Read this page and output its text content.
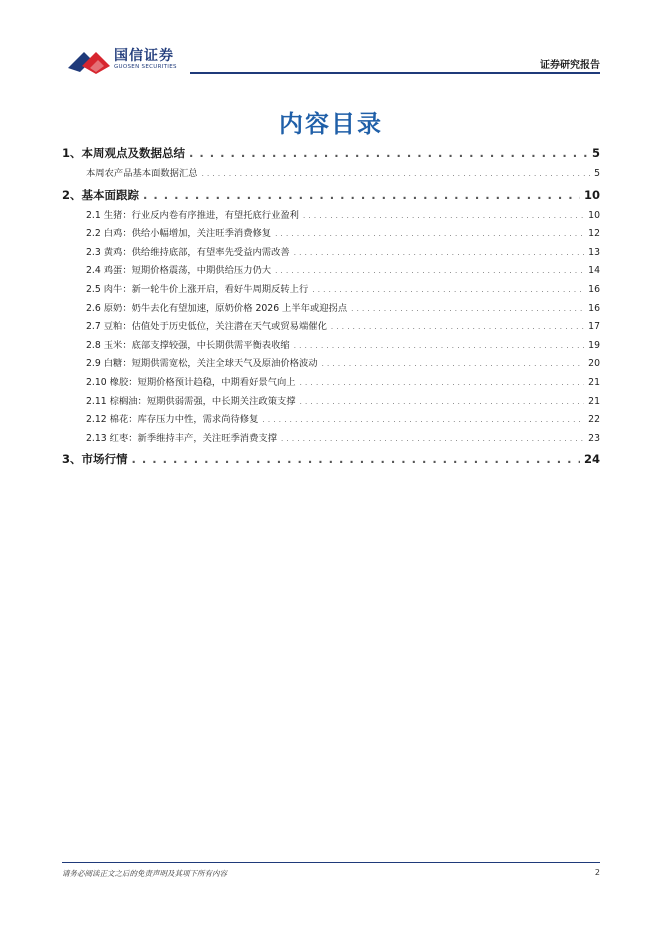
国信证券
GUOSEN SECURITIES	证券研究报告
内容目录
1、本周观点及数据总结 . . .	5
本周农产品基本面数据汇总 . . .	5
2、基本面跟踪 . . .	10
2.1 生猪：行业反内卷有序推进，有望托底行业盈利 . . .	10
2.2 白鸡：供给小幅增加，关注旺季消费修复 . . .	12
2.3 黄鸡：供给维持底部，有望率先受益内需改善 . . .	13
2.4 鸡蛋：短期价格震荡，中期供给压力仍大 . . .	14
2.5 肉牛：新一轮牛价上涨开启，看好牛周期反转上行 . . .	16
2.6 原奶：奶牛去化有望加速，原奶价格 2026 上半年或迎拐点 . . .	16
2.7 豆粕：估值处于历史低位，关注潜在天气或贸易端催化 . . .	17
2.8 玉米：底部支撑较强，中长期供需平衡表收缩 . . .	19
2.9 白糖：短期供需宽松，关注全球天气及原油价格波动 . . .	20
2.10 橡胶：短期价格预计趋稳，中期看好景气向上 . . .	21
2.11 棕榈油：短期供弱需强，中长期关注政策支撑 . . .	21
2.12 棉花：库存压力中性，需求尚待修复 . . .	22
2.13 红枣：新季维持丰产，关注旺季消费支撑 . . .	23
3、市场行情 . . .	24
请务必阅读正文之后的免责声明及其项下所有内容	2
